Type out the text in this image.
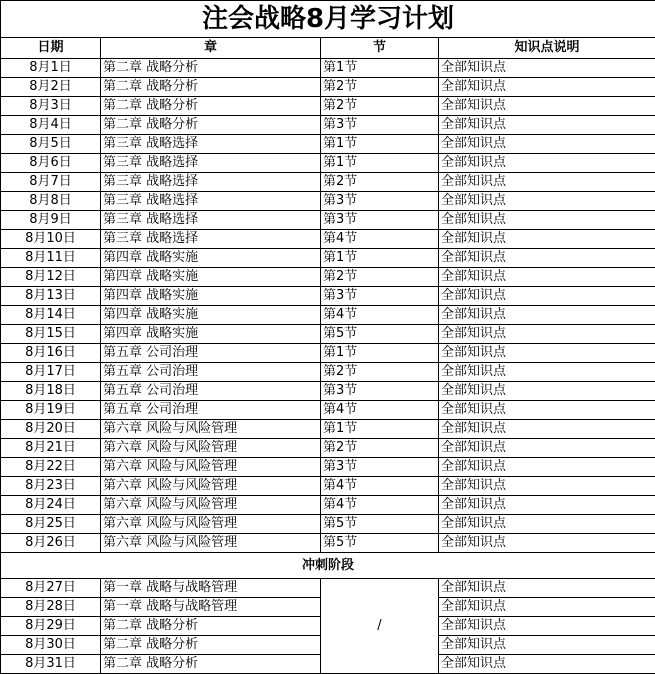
注会战略8月学习计划			
日期	章	节	知识点说明
8月1日	第二章 战略分析	第1节	全部知识点
8月2日	第二章 战略分析	第2节	全部知识点
8月3日	第二章 战略分析	第2节	全部知识点
8月4日	第二章 战略分析	第3节	全部知识点
8月5日	第三章 战略选择	第1节	全部知识点
8月6日	第三章 战略选择	第1节	全部知识点
8月7日	第三章 战略选择	第2节	全部知识点
8月8日	第三章 战略选择	第3节	全部知识点
8月9日	第三章 战略选择	第3节	全部知识点
8月10日	第三章 战略选择	第4节	全部知识点
8月11日	第四章 战略实施	第1节	全部知识点
8月12日	第四章 战略实施	第2节	全部知识点
8月13日	第四章 战略实施	第3节	全部知识点
8月14日	第四章 战略实施	第4节	全部知识点
8月15日	第四章 战略实施	第5节	全部知识点
8月16日	第五章 公司治理	第1节	全部知识点
8月17日	第五章 公司治理	第2节	全部知识点
8月18日	第五章 公司治理	第3节	全部知识点
8月19日	第五章 公司治理	第4节	全部知识点
8月20日	第六章 风险与风险管理	第1节	全部知识点
8月21日	第六章 风险与风险管理	第2节	全部知识点
8月22日	第六章 风险与风险管理	第3节	全部知识点
8月23日	第六章 风险与风险管理	第4节	全部知识点
8月24日	第六章 风险与风险管理	第4节	全部知识点
8月25日	第六章 风险与风险管理	第5节	全部知识点
8月26日	第六章 风险与风险管理	第5节	全部知识点
冲刺阶段			
8月27日	第一章 战略与战略管理	/	全部知识点
8月28日	第一章 战略与战略管理		全部知识点
8月29日	第二章 战略分析		全部知识点
8月30日	第二章 战略分析		全部知识点
8月31日	第二章 战略分析		全部知识点
